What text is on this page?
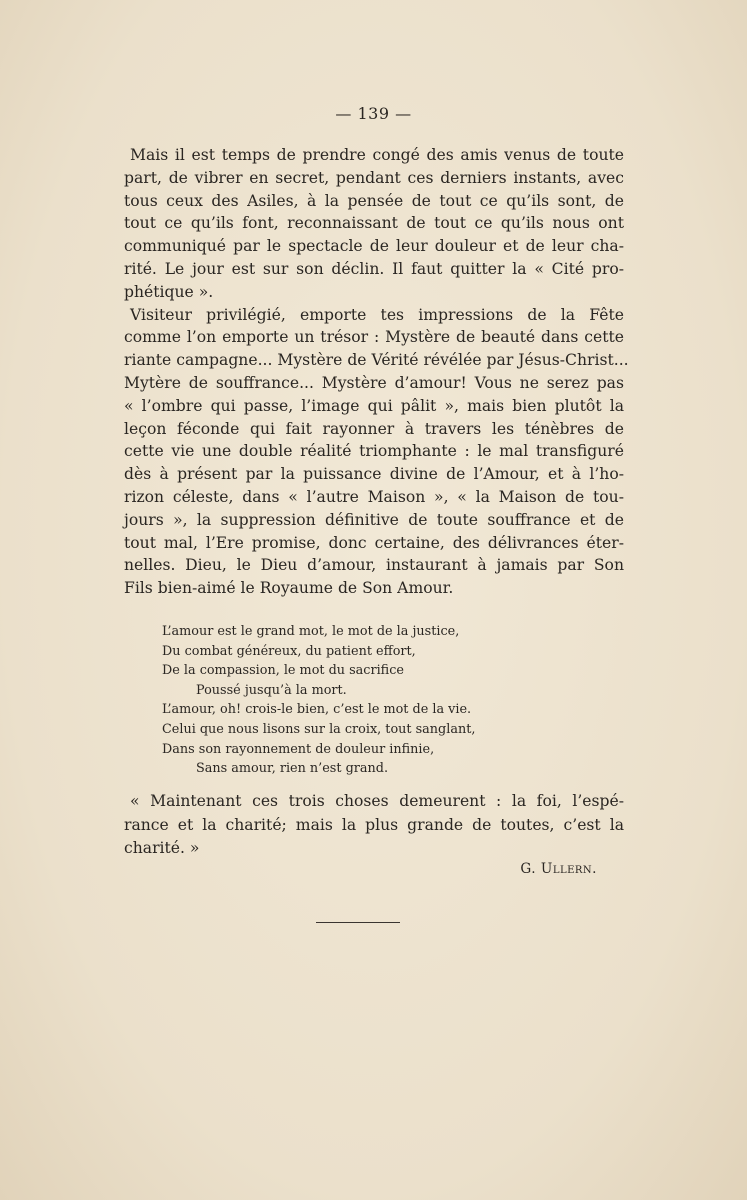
— 139 —
Mais il est temps de prendre congé des amis venus de toute
part, de vibrer en secret, pendant ces derniers instants, avec
tous ceux des Asiles, à la pensée de tout ce qu’ils sont, de
tout ce qu’ils font, reconnaissant de tout ce qu’ils nous ont
communiqué par le spectacle de leur douleur et de leur cha-
rité. Le jour est sur son déclin. Il faut quitter la « Cité pro-
phétique ».
Visiteur privilégié, emporte tes impressions de la Fête
comme l’on emporte un trésor : Mystère de beauté dans cette
riante campagne... Mystère de Vérité révélée par Jésus-Christ...
Mytère de souffrance... Mystère d’amour! Vous ne serez pas
« l’ombre qui passe, l’image qui pâlit », mais bien plutôt la
leçon féconde qui fait rayonner à travers les ténèbres de
cette vie une double réalité triomphante : le mal transfiguré
dès à présent par la puissance divine de l’Amour, et à l’ho-
rizon céleste, dans « l’autre Maison », « la Maison de tou-
jours », la suppression définitive de toute souffrance et de
tout mal, l’Ere promise, donc certaine, des délivrances éter-
nelles. Dieu, le Dieu d’amour, instaurant à jamais par Son
Fils bien-aimé le Royaume de Son Amour.
L’amour est le grand mot, le mot de la justice,
Du combat généreux, du patient effort,
De la compassion, le mot du sacrifice
Poussé jusqu’à la mort.
L’amour, oh! crois-le bien, c’est le mot de la vie.
Celui que nous lisons sur la croix, tout sanglant,
Dans son rayonnement de douleur infinie,
Sans amour, rien n’est grand.
« Maintenant ces trois choses demeurent : la foi, l’espé-
rance et la charité; mais la plus grande de toutes, c’est la
charité. »
G. Ullern.
